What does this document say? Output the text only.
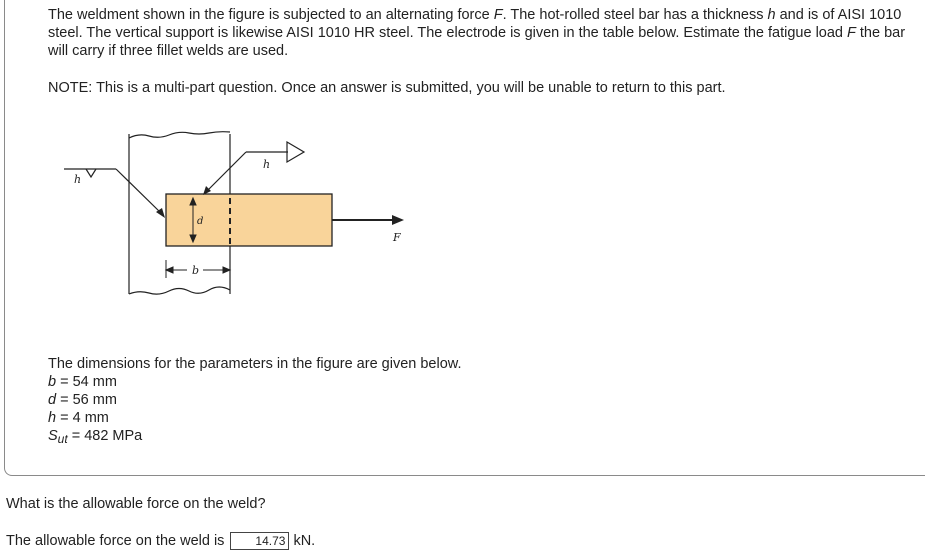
The weldment shown in the figure is subjected to an alternating force F. The hot-rolled steel bar has a thickness h and is of AISI 1010 steel. The vertical support is likewise AISI 1010 HR steel. The electrode is given in the table below. Estimate the fatigue load F the bar will carry if three fillet welds are used.

NOTE: This is a multi-part question. Once an answer is submitted, you will be unable to return to this part.

d
b
h
h
F
The dimensions for the parameters in the figure are given below.
b = 54 mm
d = 56 mm
h = 4 mm
$S_{ut} = 482$ MPa
What is the allowable force on the weld?
The allowable force on the weld is	14.73 kN.
